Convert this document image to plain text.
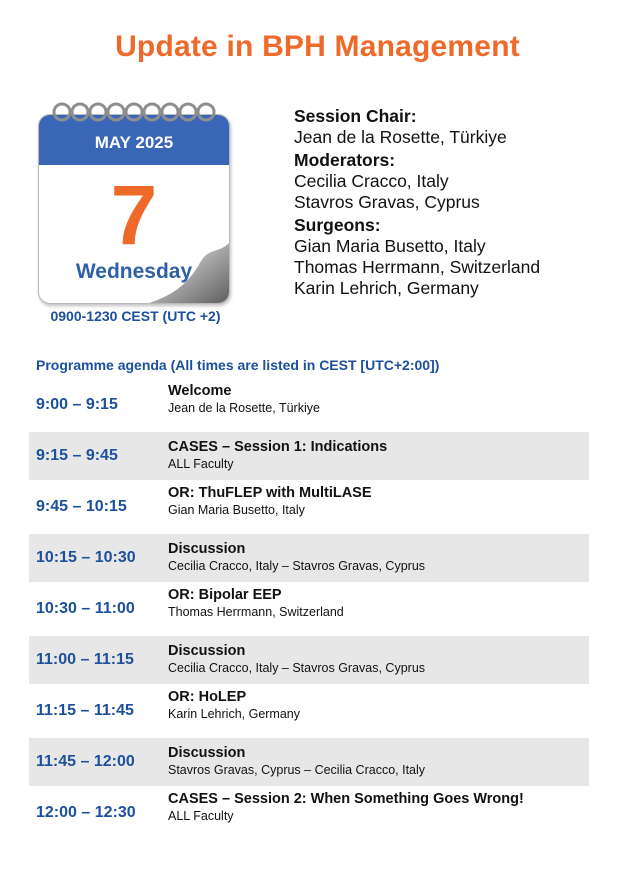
Update in BPH Management
MAY 2025
7
Wednesday
0900-1230 CEST (UTC +2)
Session Chair:
Jean de la Rosette, Türkiye
Moderators:
Cecilia Cracco, Italy
Stavros Gravas, Cyprus
Surgeons:
Gian Maria Busetto, Italy
Thomas Herrmann, Switzerland
Karin Lehrich, Germany
Programme agenda (All times are listed in CEST [UTC+2:00])
9:00 – 9:15
Welcome
Jean de la Rosette, Türkiye
9:15 – 9:45	CASES – Session 1: Indications
ALL Faculty
9:45 – 10:15
OR: ThuFLEP with MultiLASE
Gian Maria Busetto, Italy
10:15 – 10:30 Discussion
Cecilia Cracco, Italy – Stavros Gravas, Cyprus
10:30 – 11:00
OR: Bipolar EEP
Thomas Herrmann, Switzerland
11:00 – 11:15 Discussion
Cecilia Cracco, Italy – Stavros Gravas, Cyprus
11:15 – 11:45
OR: HoLEP
Karin Lehrich, Germany
11:45 – 12:00 Discussion
Stavros Gravas, Cyprus – Cecilia Cracco, Italy
12:00 – 12:30
CASES – Session 2: When Something Goes Wrong!
ALL Faculty
